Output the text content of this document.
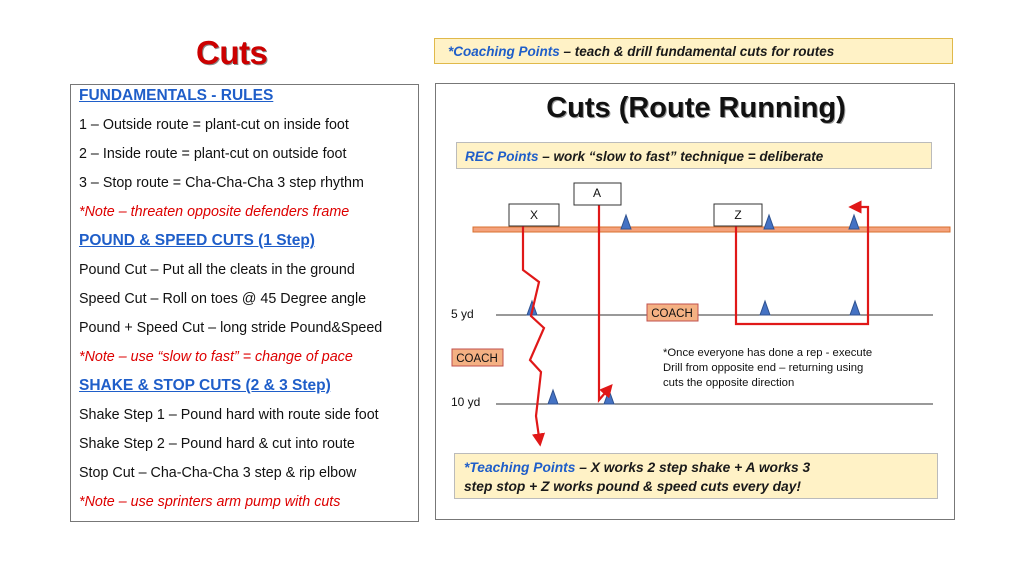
Cuts	*Coaching Points – teach & drill fundamental cuts for routes
FUNDAMENTALS - RULES
1 – Outside route = plant-cut on inside foot
2 – Inside route = plant-cut on outside foot
3 – Stop route = Cha-Cha-Cha 3 step rhythm
*Note – threaten opposite defenders frame
POUND & SPEED CUTS (1 Step)
Pound Cut – Put all the cleats in the ground
Speed Cut – Roll on toes @ 45 Degree angle
Pound + Speed Cut – long stride Pound&Speed
*Note – use “slow to fast” = change of pace
SHAKE & STOP CUTS (2 & 3 Step)
Shake Step 1 – Pound hard with route side foot
Shake Step 2 – Pound hard & cut into route
Stop Cut – Cha-Cha-Cha 3 step & rip elbow
*Note – use sprinters arm pump with cuts
Cuts (Route Running)
REC Points – work “slow to fast” technique = deliberate
5 yd
10 yd
A
X	Z
COACH
COACH	*Once everyone has done a rep - execute
Drill from opposite end – returning using
cuts the opposite direction
*Teaching Points – X works 2 step shake + A works 3
step stop + Z works pound & speed cuts every day!
